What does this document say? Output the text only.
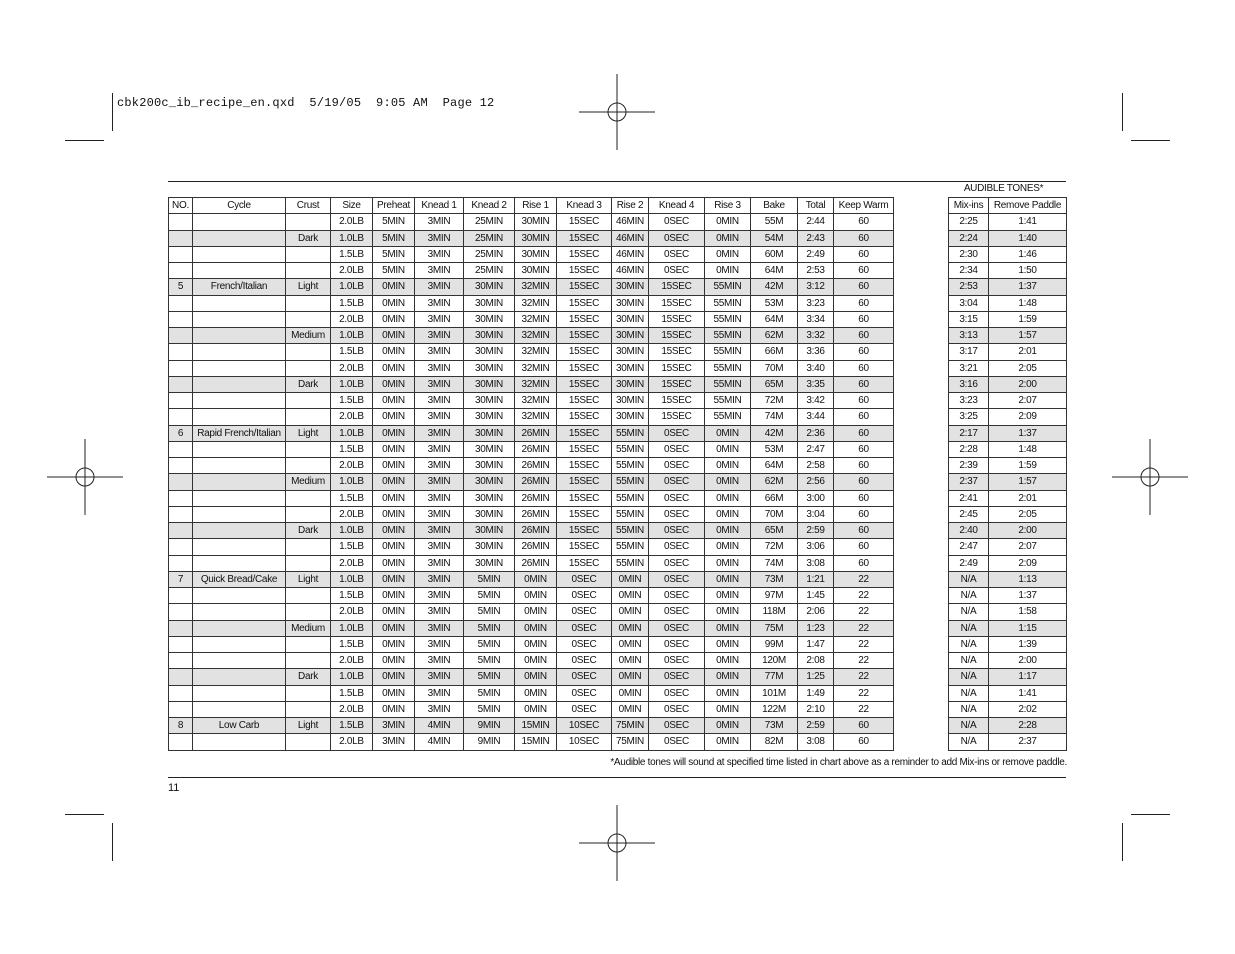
cbk200c_ib_recipe_en.qxd  5/19/05  9:05 AM  Page 12
AUDIBLE TONES*
NO.	Cycle	Crust	Size	Preheat	Knead 1	Knead 2	Rise 1	Knead 3	Rise 2	Knead 4	Rise 3	Bake	Total	Keep Warm
			2.0LB	5MIN	3MIN	25MIN	30MIN	15SEC	46MIN	0SEC	0MIN	55M	2:44	60
		Dark	1.0LB	5MIN	3MIN	25MIN	30MIN	15SEC	46MIN	0SEC	0MIN	54M	2:43	60
			1.5LB	5MIN	3MIN	25MIN	30MIN	15SEC	46MIN	0SEC	0MIN	60M	2:49	60
			2.0LB	5MIN	3MIN	25MIN	30MIN	15SEC	46MIN	0SEC	0MIN	64M	2:53	60
5	French/Italian	Light	1.0LB	0MIN	3MIN	30MIN	32MIN	15SEC	30MIN	15SEC	55MIN	42M	3:12	60
			1.5LB	0MIN	3MIN	30MIN	32MIN	15SEC	30MIN	15SEC	55MIN	53M	3:23	60
			2.0LB	0MIN	3MIN	30MIN	32MIN	15SEC	30MIN	15SEC	55MIN	64M	3:34	60
		Medium	1.0LB	0MIN	3MIN	30MIN	32MIN	15SEC	30MIN	15SEC	55MIN	62M	3:32	60
			1.5LB	0MIN	3MIN	30MIN	32MIN	15SEC	30MIN	15SEC	55MIN	66M	3:36	60
			2.0LB	0MIN	3MIN	30MIN	32MIN	15SEC	30MIN	15SEC	55MIN	70M	3:40	60
		Dark	1.0LB	0MIN	3MIN	30MIN	32MIN	15SEC	30MIN	15SEC	55MIN	65M	3:35	60
			1.5LB	0MIN	3MIN	30MIN	32MIN	15SEC	30MIN	15SEC	55MIN	72M	3:42	60
			2.0LB	0MIN	3MIN	30MIN	32MIN	15SEC	30MIN	15SEC	55MIN	74M	3:44	60
6	Rapid French/Italian	Light	1.0LB	0MIN	3MIN	30MIN	26MIN	15SEC	55MIN	0SEC	0MIN	42M	2:36	60
			1.5LB	0MIN	3MIN	30MIN	26MIN	15SEC	55MIN	0SEC	0MIN	53M	2:47	60
			2.0LB	0MIN	3MIN	30MIN	26MIN	15SEC	55MIN	0SEC	0MIN	64M	2:58	60
		Medium	1.0LB	0MIN	3MIN	30MIN	26MIN	15SEC	55MIN	0SEC	0MIN	62M	2:56	60
			1.5LB	0MIN	3MIN	30MIN	26MIN	15SEC	55MIN	0SEC	0MIN	66M	3:00	60
			2.0LB	0MIN	3MIN	30MIN	26MIN	15SEC	55MIN	0SEC	0MIN	70M	3:04	60
		Dark	1.0LB	0MIN	3MIN	30MIN	26MIN	15SEC	55MIN	0SEC	0MIN	65M	2:59	60
			1.5LB	0MIN	3MIN	30MIN	26MIN	15SEC	55MIN	0SEC	0MIN	72M	3:06	60
			2.0LB	0MIN	3MIN	30MIN	26MIN	15SEC	55MIN	0SEC	0MIN	74M	3:08	60
7	Quick Bread/Cake	Light	1.0LB	0MIN	3MIN	5MIN	0MIN	0SEC	0MIN	0SEC	0MIN	73M	1:21	22
			1.5LB	0MIN	3MIN	5MIN	0MIN	0SEC	0MIN	0SEC	0MIN	97M	1:45	22
			2.0LB	0MIN	3MIN	5MIN	0MIN	0SEC	0MIN	0SEC	0MIN	118M	2:06	22
		Medium	1.0LB	0MIN	3MIN	5MIN	0MIN	0SEC	0MIN	0SEC	0MIN	75M	1:23	22
			1.5LB	0MIN	3MIN	5MIN	0MIN	0SEC	0MIN	0SEC	0MIN	99M	1:47	22
			2.0LB	0MIN	3MIN	5MIN	0MIN	0SEC	0MIN	0SEC	0MIN	120M	2:08	22
		Dark	1.0LB	0MIN	3MIN	5MIN	0MIN	0SEC	0MIN	0SEC	0MIN	77M	1:25	22
			1.5LB	0MIN	3MIN	5MIN	0MIN	0SEC	0MIN	0SEC	0MIN	101M	1:49	22
			2.0LB	0MIN	3MIN	5MIN	0MIN	0SEC	0MIN	0SEC	0MIN	122M	2:10	22
8	Low Carb	Light	1.5LB	3MIN	4MIN	9MIN	15MIN	10SEC	75MIN	0SEC	0MIN	73M	2:59	60
			2.0LB	3MIN	4MIN	9MIN	15MIN	10SEC	75MIN	0SEC	0MIN	82M	3:08	60
Mix-ins	Remove Paddle
2:25	1:41
2:24	1:40
2:30	1:46
2:34	1:50
2:53	1:37
3:04	1:48
3:15	1:59
3:13	1:57
3:17	2:01
3:21	2:05
3:16	2:00
3:23	2:07
3:25	2:09
2:17	1:37
2:28	1:48
2:39	1:59
2:37	1:57
2:41	2:01
2:45	2:05
2:40	2:00
2:47	2:07
2:49	2:09
N/A	1:13
N/A	1:37
N/A	1:58
N/A	1:15
N/A	1:39
N/A	2:00
N/A	1:17
N/A	1:41
N/A	2:02
N/A	2:28
N/A	2:37
*Audible tones will sound at specified time listed in chart above as a reminder to add Mix-ins or remove paddle.
11
